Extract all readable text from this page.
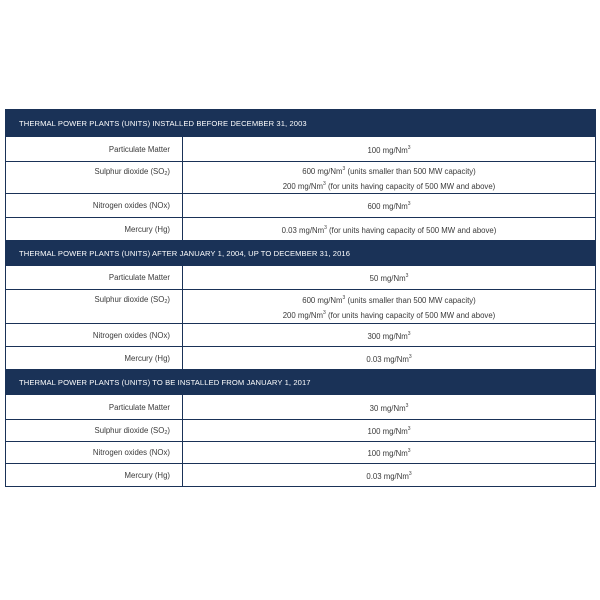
THERMAL POWER PLANTS (UNITS) INSTALLED BEFORE DECEMBER 31, 2003
Particulate Matter	100 mg/Nm$^3$
Sulphur dioxide (SO2)	600 mg/Nm$^3$ (units smaller than 500 MW capacity)
200 mg/Nm$^3$ (for units having capacity of 500 MW and above)
Nitrogen oxides (NOx)	600 mg/Nm$^3$
Mercury (Hg)	0.03 mg/Nm$^3$ (for units having capacity of 500 MW and above)
THERMAL POWER PLANTS (UNITS) AFTER JANUARY 1, 2004, UP TO DECEMBER 31, 2016
Particulate Matter	50 mg/Nm$^3$
Sulphur dioxide (SO2)	600 mg/Nm$^3$ (units smaller than 500 MW capacity)
200 mg/Nm$^3$ (for units having capacity of 500 MW and above)
Nitrogen oxides (NOx)	300 mg/Nm$^3$
Mercury (Hg)	0.03 mg/Nm$^3$
THERMAL POWER PLANTS (UNITS) TO BE INSTALLED FROM JANUARY 1, 2017
Particulate Matter	30 mg/Nm$^3$
Sulphur dioxide (SO2)	100 mg/Nm$^3$
Nitrogen oxides (NOx)	100 mg/Nm$^3$
Mercury (Hg)	0.03 mg/Nm$^3$
